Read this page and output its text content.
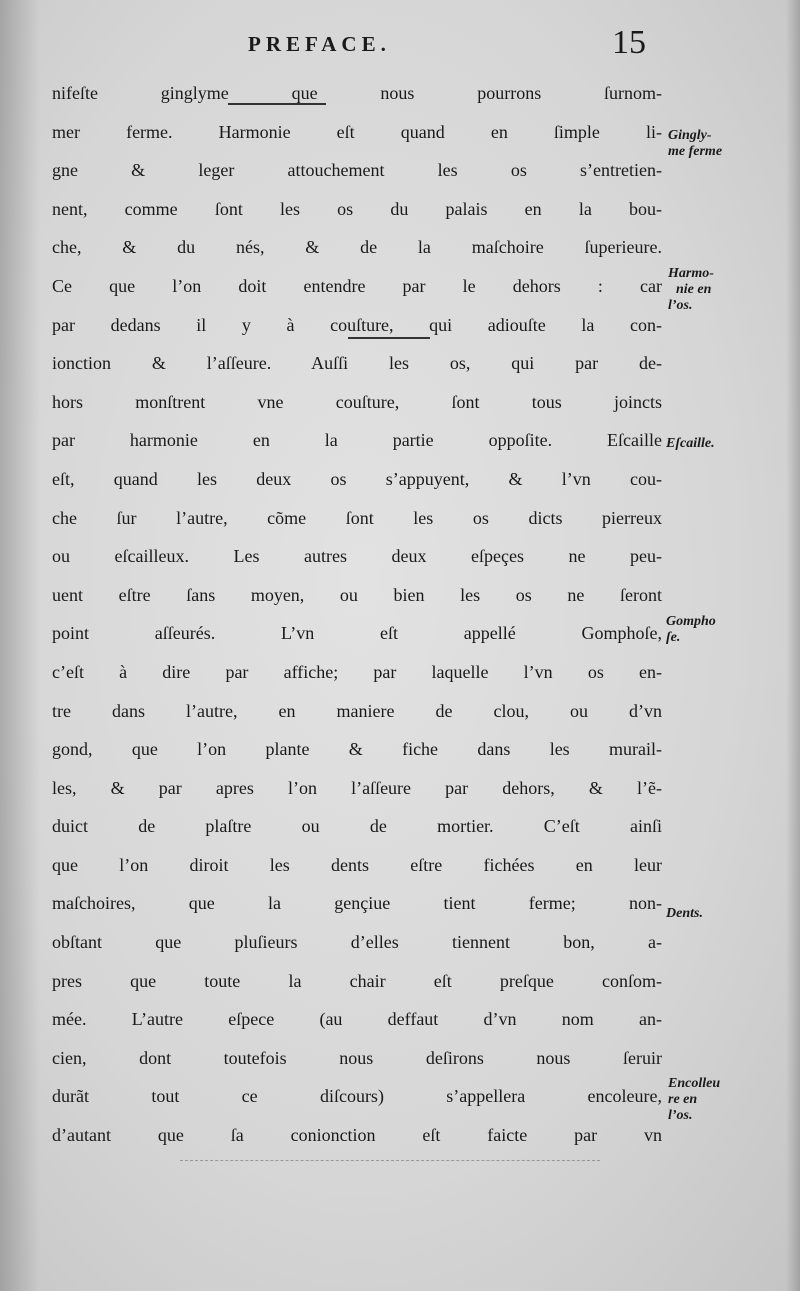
PREFACE.	15
nifeſte ginglyme que nous pourrons ſurnom-
mer ferme. Harmonie eſt quand en ſimple li-
gne & leger attouchement les os s’entretien-
nent, comme ſont les os du palais en la bou-
che, & du nés, & de la maſchoire ſuperieure.
Ce que l’on doit entendre par le dehors : car
par dedans il y à couſture, qui adiouſte la con-
ionction & l’aſſeure. Auſſi les os, qui par de-
hors monſtrent vne couſture, ſont tous joincts
par harmonie en la partie oppoſite. Eſcaille
eſt, quand les deux os s’appuyent, & l’vn cou-
che ſur l’autre, cõme ſont les os dicts pierreux
ou eſcailleux. Les autres deux eſpeçes ne peu-
uent eſtre ſans moyen, ou bien les os ne ſeront
point aſſeurés. L’vn eſt appellé Gomphoſe,
c’eſt à dire par affiche; par laquelle l’vn os en-
tre dans l’autre, en maniere de clou, ou d’vn
gond, que l’on plante & fiche dans les murail-
les, & par apres l’on l’aſſeure par dehors, & l’ẽ-
duict de plaſtre ou de mortier. C’eſt ainſi
que l’on diroit les dents eſtre fichées en leur
maſchoires, que la gençiue tient ferme; non-
obſtant que pluſieurs d’elles tiennent bon, a-
pres que toute la chair eſt preſque conſom-
mée. L’autre eſpece (au deffaut d’vn nom an-
cien, dont toutefois nous deſirons nous ſeruir
durãt tout ce diſcours) s’appellera encoleure,
d’autant que ſa conionction eſt faicte par vn
Gingly-
me ferme
Harmo-
nie en
l’os.
Eſcaille.
Gompho
ſe.
Dents.
Encolleu
re en
l’os.
